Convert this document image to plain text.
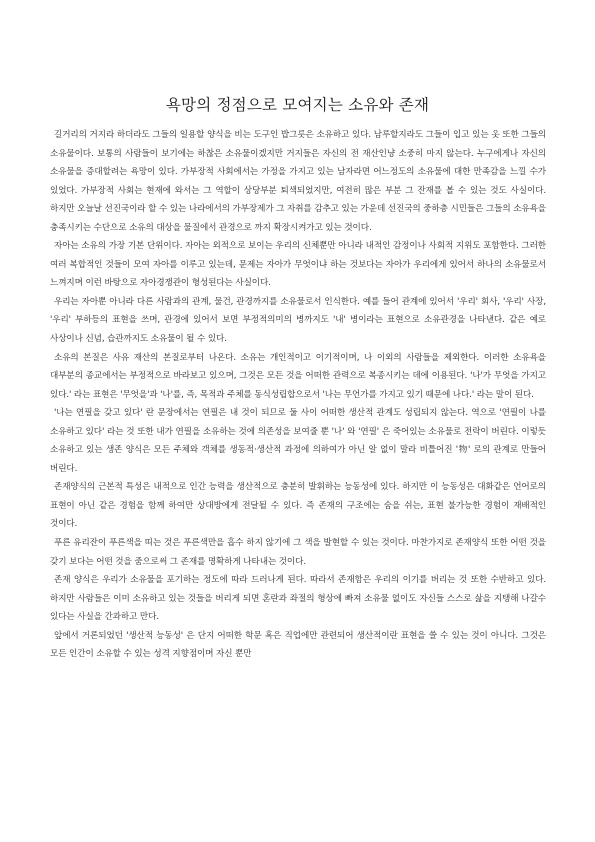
욕망의 정점으로 모여지는 소유와 존재

길거리의 거지라 하더라도 그들의 일용할 양식을 비는 도구인 밥그릇은 소유하고 있다. 남루할지라도 그들이 입고 있는 옷 또한 그들의 소유물이다. 보통의 사람들이 보기에는 하찮은 소유물이겠지만 거지들은 자신의 전 재산인냥 소중히 마지 않는다. 누구에게나 자신의 소유물을 증대할려는 욕망이 있다. 가부장적 사회에서는 가정을 가지고 있는 남자라면 어느정도의 소유물에 대한 만족감을 느낄 수가 있었다. 가부장적 사회는 현재에 와서는 그 역할이 상당부분 퇴색되었지만, 여전히 많은 부분 그 잔재를 볼 수 있는 것도 사실이다. 하지만 오늘날 선진국이라 할 수 있는 나라에서의 가부장제가 그 자취를 감추고 있는 가운데 선진국의 중하층 시민들은 그들의 소유욕을 충족시키는 수단으로 소유의 대상을 물질에서 관경으로 까지 확장시켜가고 있는 것이다.

자아는 소유의 가장 기본 단위이다. 자아는 외적으로 보이는 우리의 신체뿐만 아니라 내적인 감정이나 사회적 지위도 포함한다. 그러한 여러 복합적인 것들이 모여 자아를 이루고 있는데, 문제는 자아가 무엇이냐 하는 것보다는 자아가 우리에게 있어서 하나의 소유물로서 느껴지며 이런 바탕으로 자아경쟁관이 형성된다는 사실이다.

우리는 자아뿐 아니라 다른 사람과의 관계, 물건, 관경까지를 소유물로서 인식한다. 예를 들어 관계에 있어서 '우리' 회사, '우리' 사장, '우리' 부하등의 표현을 쓰며, 관경에 있어서 보면 부정적의미의 병까지도 '내' 병이라는 표현으로 소유관경을 나타낸다. 같은 예로 사상이나 신념, 습관까지도 소유물이 될 수 있다.

소유의 본질은 사유 재산의 본질로부터 나온다. 소유는 개인적이고 이기적이며, 나 이외의 사람들을 제외한다. 이러한 소유욕을 대부분의 종교에서는 부정적으로 바라보고 있으며, 그것은 모든 것을 어떠한 관력으로 복종시키는 데에 이용된다. '나'가 무엇을 가지고 있다.' 라는 표현은 '무엇을'과 '나'를, 즉, 목적과 주체를 동식성립합으로서 '나는 무언가를 가지고 있기 때문에 나다.' 라는 말이 된다.

'나는 연필을 갖고 있다' 란 문장에서는 연필은 내 것이 되므로 둘 사이 어떠한 생산적 관계도 성립되지 않는다. 역으로 '연필이 나를 소유하고 있다' 라는 것 또한 내가 연필을 소유하는 것에 의존성을 보여줄 뿐 '나' 와 '연필' 은 죽어있는 소유물로 전락이 버린다. 이렇듯 소유하고 있는 생존 양식은 모든 주체와 객체를 생동적·생산적 과정에 의하여가 아닌 알 없이 말라 비틀어진 '物' 로의 관계로 만들어 버린다.

존재양식의 근본적 특성은 내적으로 인간 능력을 생산적으로 충분히 발휘하는 능동성에 있다. 하지만 이 능동성은 대화같은 언어로의 표현이 아닌 같은 경험을 함께 하여만 상대방에게 전달될 수 있다. 즉 존재의 구조에는 숨을 쉬는, 표현 불가능한 경험이 재배적인 것이다.

푸른 유리잔이 푸른색을 띠는 것은 푸른색만을 흡수 하지 않기에 그 색을 발현할 수 있는 것이다. 마찬가지로 존재양식 또한 어떤 것을 갖기 보다는 어떤 것을 줌으로써 그 존재를 명확하게 나타내는 것이다.

존재 양식은 우리가 소유물을 포기하는 정도에 따라 드러나게 된다. 따라서 존재함은 우리의 이기를 버리는 것 또한 수반하고 있다. 하지만 사람들은 이미 소유하고 있는 것들을 버리게 되면 혼란과 좌절의 형상에 빠져 소유물 없이도 자신들 스스로 삶을 지탱해 나갈수 있다는 사실을 간과하고 만다.

앞에서 거론되었던 '생산적 능동성' 은 단지 어떠한 학문 혹은 직업에만 관련되어 생산적이란 표현을 쓸 수 있는 것이 아니다. 그것은 모든 인간이 소유할 수 있는 성격 지향점이며 자신 뿐만
